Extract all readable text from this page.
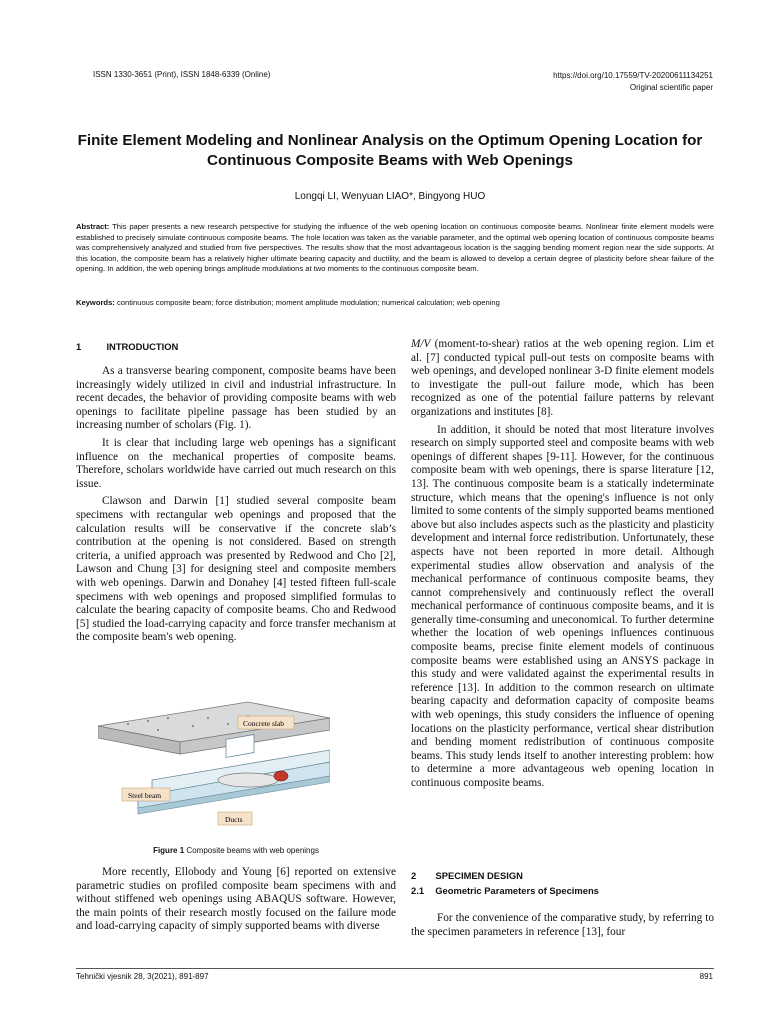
ISSN 1330-3651 (Print), ISSN 1848-6339 (Online)	https://doi.org/10.17559/TV-20200611134251
Original scientific paper
Finite Element Modeling and Nonlinear Analysis on the Optimum Opening Location for
Continuous Composite Beams with Web Openings
Longqi LI, Wenyuan LIAO*, Bingyong HUO
Abstract: This paper presents a new research perspective for studying the influence of the web opening location on continuous composite beams. Nonlinear finite element models were established to precisely simulate continuous composite beams. The hole location was taken as the variable parameter, and the optimal web opening location of continuous composite beams was comprehensively analyzed and studied from five perspectives. The results show that the most advantageous location is the sagging bending moment region near the side supports. At this location, the composite beam has a relatively higher ultimate bearing capacity and ductility, and the beam is allowed to develop a certain degree of plasticity before shear failure of the opening. In addition, the web opening brings amplitude modulations at two moments to the continuous composite beam.
Keywords: continuous composite beam; force distribution; moment amplitude modulation; numerical calculation; web opening
1	INTRODUCTION

As a transverse bearing component, composite beams have been increasingly widely utilized in civil and industrial infrastructure. In recent decades, the behavior of providing composite beams with web openings to facilitate pipeline passage has been studied by an increasing number of scholars (Fig. 1).

It is clear that including large web openings has a significant influence on the mechanical properties of composite beams. Therefore, scholars worldwide have carried out much research on this issue.

Clawson and Darwin [1] studied several composite beam specimens with rectangular web openings and proposed that the calculation results will be conservative if the concrete slab’s contribution at the opening is not considered. Based on strength criteria, a unified approach was presented by Redwood and Cho [2], Lawson and Chung [3] for designing steel and composite members with web openings. Darwin and Donahey [4] tested fifteen full-scale specimens with web openings and proposed simplified formulas to calculate the bearing capacity of composite beams. Cho and Redwood [5] studied the load-carrying capacity and force transfer mechanism at the composite beam's web opening.

Concrete slab
Steel beam
Ducts
Figure 1 Composite beams with web openings

More recently, Ellobody and Young [6] reported on extensive parametric studies on profiled composite beam specimens with and without stiffened web openings using ABAQUS software. However, the main points of their research mostly focused on the failure mode and load-carrying capacity of simply supported beams with diverse

M/V (moment-to-shear) ratios at the web opening region. Lim et al. [7] conducted typical pull-out tests on composite beams with web openings, and developed nonlinear 3-D finite element models to investigate the pull-out failure mode, which has been recognized as one of the potential failure patterns by relevant organizations and institutes [8].

In addition, it should be noted that most literature involves research on simply supported steel and composite beams with web openings of different shapes [9-11]. However, for the continuous composite beam with web openings, there is sparse literature [12, 13]. The continuous composite beam is a statically indeterminate structure, which means that the opening's influence is not only limited to some contents of the simply supported beams mentioned above but also includes aspects such as the plasticity and plasticity development and internal force redistribution. Unfortunately, these aspects have not been reported in more detail. Although experimental studies allow observation and analysis of the mechanical performance of continuous composite beams, they cannot comprehensively and continuously reflect the overall mechanical performance of continuous composite beams, and it is generally time-consuming and uneconomical. To further determine whether the location of web openings influences continuous composite beams, precise finite element models of continuous composite beams were established using an ANSYS package in this study and were validated against the experimental results in reference [13]. In addition to the common research on ultimate bearing capacity and deformation capacity of composite beams with web openings, this study considers the influence of opening locations on the plasticity performance, vertical shear distribution and bending moment redistribution of continuous composite beams. This study lends itself to another interesting problem: how to determine a more advantageous web opening location in continuous composite beams.

2 SPECIMEN DESIGN
2.1 Geometric Parameters of Specimens

For the convenience of the comparative study, by referring to the specimen parameters in reference [13], four

Tehnički vjesnik 28, 3(2021), 891-897	891
